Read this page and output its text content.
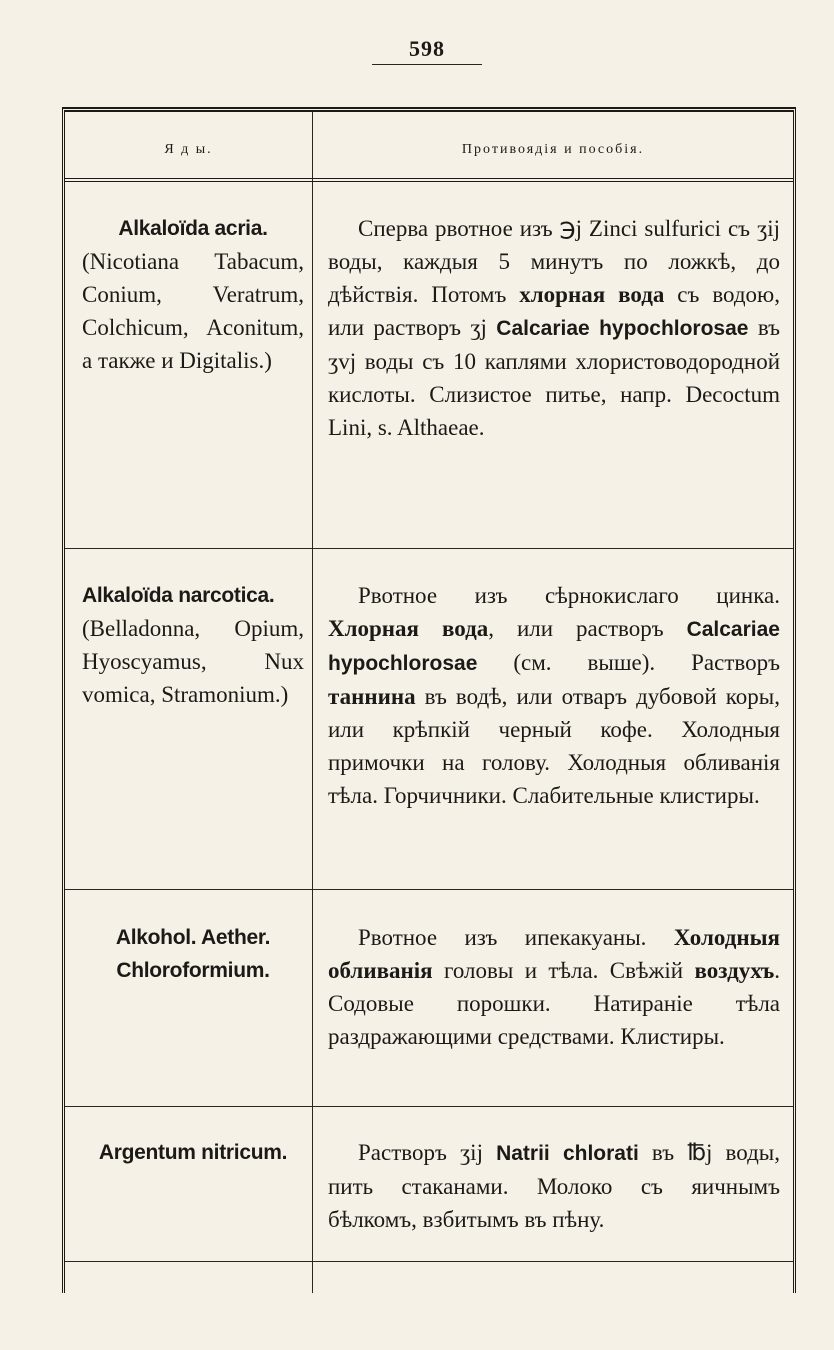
598
Я д ы.	Противоядія и пособія.
Alkaloïda acria.
(Nicotiana Tabacum, Conium, Veratrum, Colchicum, Aconitum, а также и Digitalis.)
Сперва рвотное изъ ℈j Zinci sulfurici съ ʒij воды, каждыя 5 минутъ по ложкѣ, до дѣйствія. Потомъ хлорная вода съ водою, или растворъ ʒj Calcariae hypochlorosae въ ʒvj воды съ 10 каплями хлористоводородной кислоты. Слизистое питье, напр. Decoctum Lini, s. Althaeae.
Alkaloïda narcotica.
(Belladonna, Opium, Hyoscyamus, Nux vomica, Stramonium.)
Рвотное изъ сѣрнокислаго цинка. Хлорная вода, или растворъ Calcariae hypochlorosae (см. выше). Растворъ таннина въ водѣ, или отваръ дубовой коры, или крѣпкій черный кофе. Холодныя примочки на голову. Холодныя обливанія тѣла. Горчичники. Слабительные клистиры.
Alkohol. Aether. Chloroformium.
Рвотное изъ ипекакуаны. Холодныя обливанія головы и тѣла. Свѣжій воздухъ. Содовые порошки. Натираніе тѣла раздражающими средствами. Клистиры.
Argentum nitricum.	Растворъ ʒij Natrii chlorati въ ℔j воды, пить стаканами. Молоко съ яичнымъ бѣлкомъ, взбитымъ въ пѣну.
